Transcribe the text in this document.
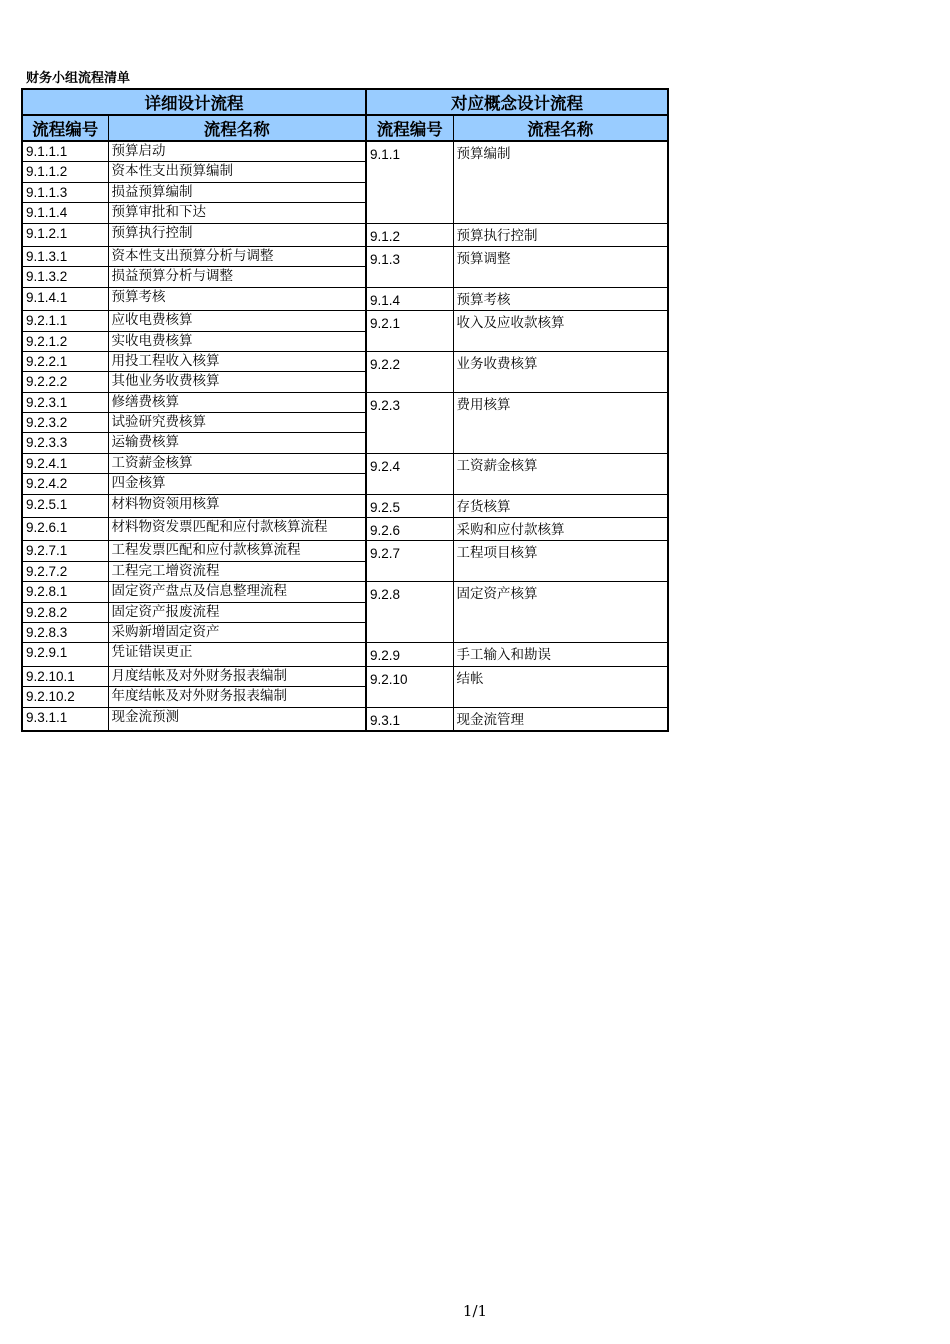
财务小组流程清单
详细设计流程		对应概念设计流程	
流程编号	流程名称	流程编号	流程名称
9.1.1.1	预算启动	9.1.1	预算编制
9.1.1.2	资本性支出预算编制		
9.1.1.3	损益预算编制		
9.1.1.4	预算审批和下达		
9.1.2.1	预算执行控制	9.1.2	预算执行控制
9.1.3.1	资本性支出预算分析与调整	9.1.3	预算调整
9.1.3.2	损益预算分析与调整		
9.1.4.1	预算考核	9.1.4	预算考核
9.2.1.1	应收电费核算	9.2.1	收入及应收款核算
9.2.1.2	实收电费核算		
9.2.2.1	用投工程收入核算	9.2.2	业务收费核算
9.2.2.2	其他业务收费核算		
9.2.3.1	修缮费核算	9.2.3	费用核算
9.2.3.2	试验研究费核算		
9.2.3.3	运输费核算		
9.2.4.1	工资薪金核算	9.2.4	工资薪金核算
9.2.4.2	四金核算		
9.2.5.1	材料物资领用核算	9.2.5	存货核算
9.2.6.1	材料物资发票匹配和应付款核算流程	9.2.6	采购和应付款核算
9.2.7.1	工程发票匹配和应付款核算流程	9.2.7	工程项目核算
9.2.7.2	工程完工增资流程		
9.2.8.1	固定资产盘点及信息整理流程	9.2.8	固定资产核算
9.2.8.2	固定资产报废流程		
9.2.8.3	采购新增固定资产		
9.2.9.1	凭证错误更正	9.2.9	手工输入和勘误
9.2.10.1	月度结帐及对外财务报表编制	9.2.10	结帐
9.2.10.2	年度结帐及对外财务报表编制		
9.3.1.1	现金流预测	9.3.1	现金流管理
1/1
